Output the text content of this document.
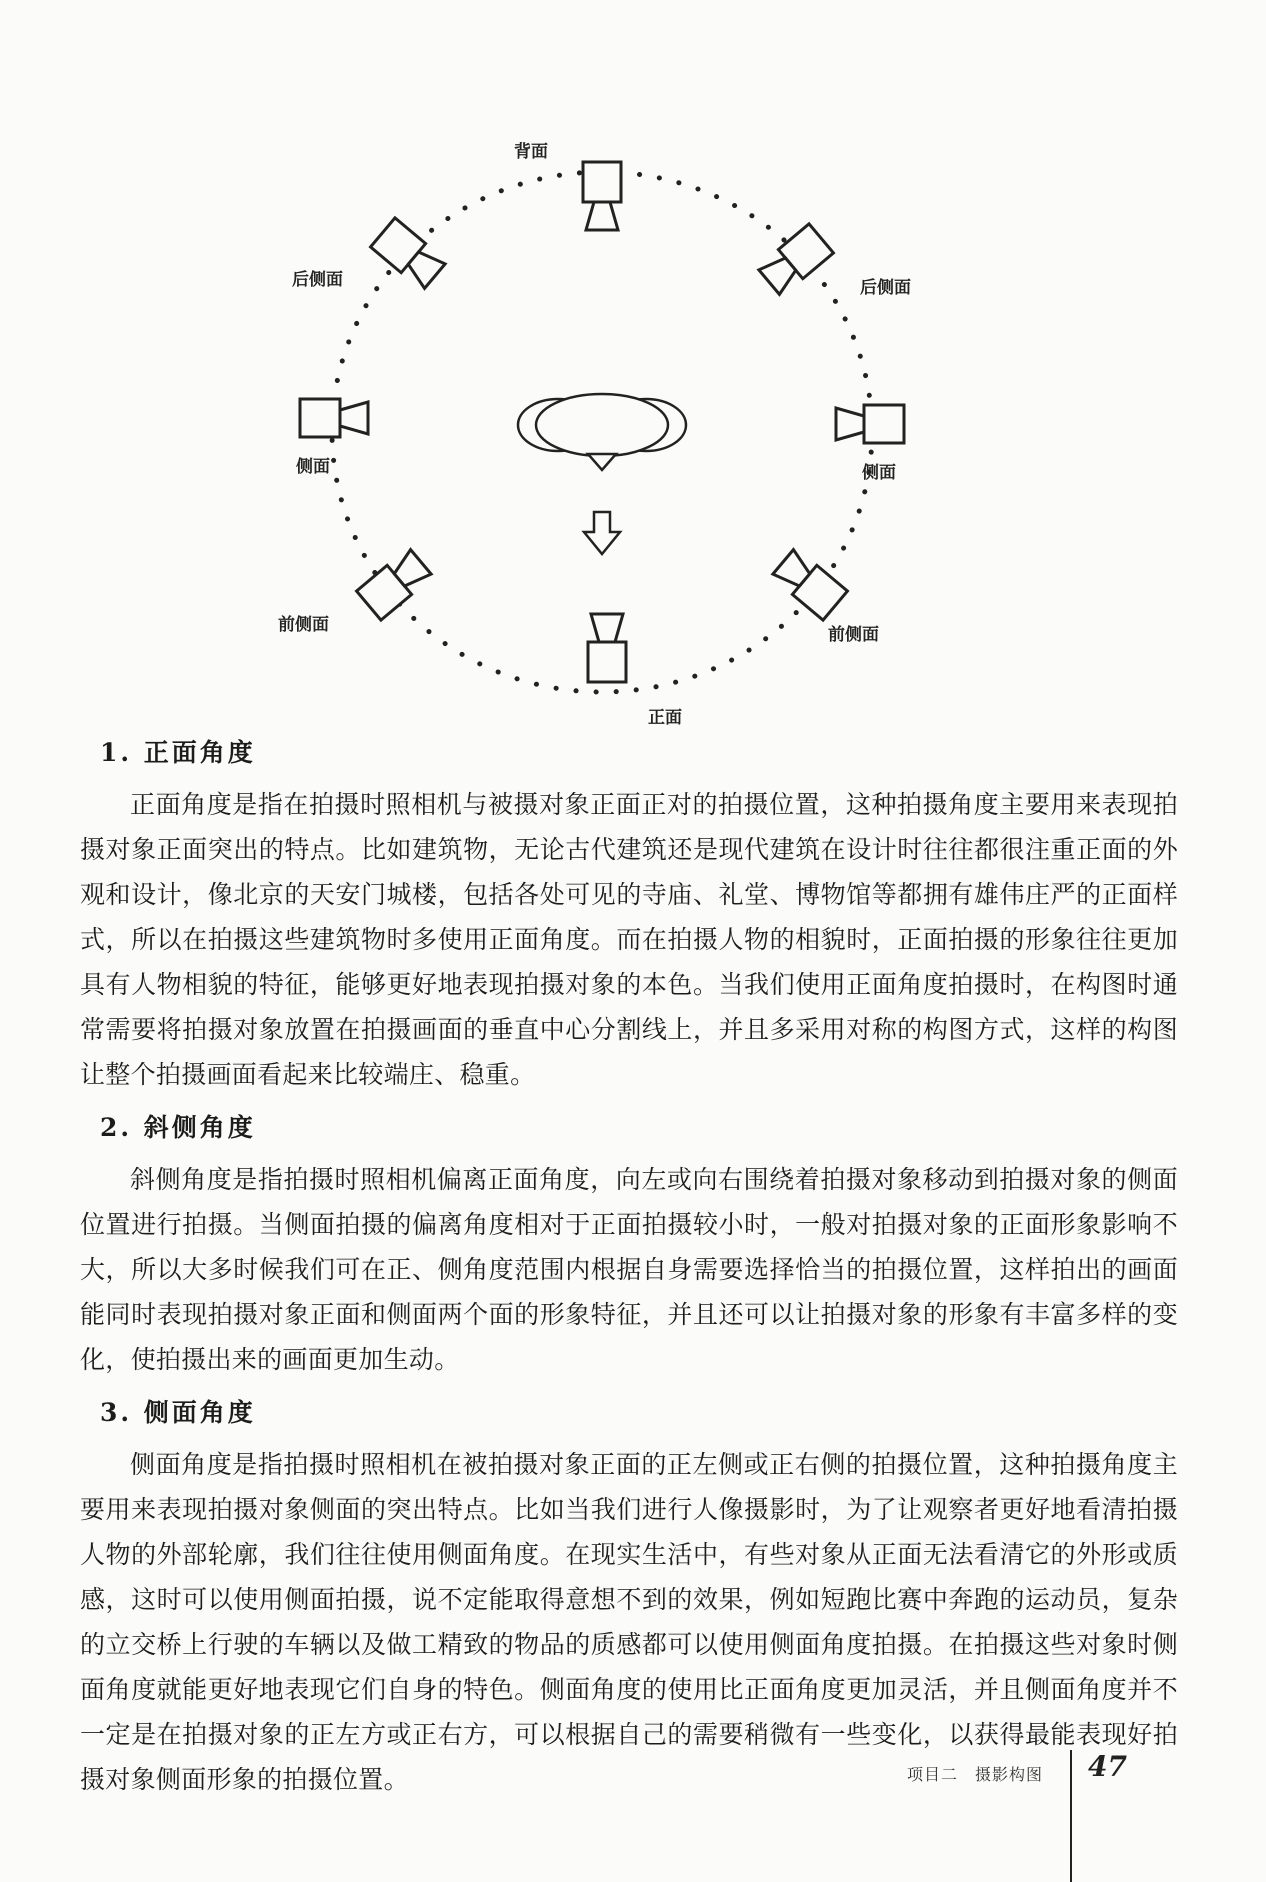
背面
后侧面	后侧面
侧面	侧面
前侧面	前侧面
正面
1. 正面角度

正面角度是指在拍摄时照相机与被摄对象正面正对的拍摄位置，这种拍摄角度主要用来表现拍摄对象正面突出的特点。比如建筑物，无论古代建筑还是现代建筑在设计时往往都很注重正面的外观和设计，像北京的天安门城楼，包括各处可见的寺庙、礼堂、博物馆等都拥有雄伟庄严的正面样式，所以在拍摄这些建筑物时多使用正面角度。而在拍摄人物的相貌时，正面拍摄的形象往往更加具有人物相貌的特征，能够更好地表现拍摄对象的本色。当我们使用正面角度拍摄时，在构图时通常需要将拍摄对象放置在拍摄画面的垂直中心分割线上，并且多采用对称的构图方式，这样的构图让整个拍摄画面看起来比较端庄、稳重。

2. 斜侧角度

斜侧角度是指拍摄时照相机偏离正面角度，向左或向右围绕着拍摄对象移动到拍摄对象的侧面位置进行拍摄。当侧面拍摄的偏离角度相对于正面拍摄较小时，一般对拍摄对象的正面形象影响不大，所以大多时候我们可在正、侧角度范围内根据自身需要选择恰当的拍摄位置，这样拍出的画面能同时表现拍摄对象正面和侧面两个面的形象特征，并且还可以让拍摄对象的形象有丰富多样的变化，使拍摄出来的画面更加生动。

3. 侧面角度

侧面角度是指拍摄时照相机在被拍摄对象正面的正左侧或正右侧的拍摄位置，这种拍摄角度主要用来表现拍摄对象侧面的突出特点。比如当我们进行人像摄影时，为了让观察者更好地看清拍摄人物的外部轮廓，我们往往使用侧面角度。在现实生活中，有些对象从正面无法看清它的外形或质感，这时可以使用侧面拍摄，说不定能取得意想不到的效果，例如短跑比赛中奔跑的运动员，复杂的立交桥上行驶的车辆以及做工精致的物品的质感都可以使用侧面角度拍摄。在拍摄这些对象时侧面角度就能更好地表现它们自身的特色。侧面角度的使用比正面角度更加灵活，并且侧面角度并不一定是在拍摄对象的正左方或正右方，可以根据自己的需要稍微有一些变化，以获得最能表现好拍摄对象侧面形象的拍摄位置。	项目二　摄影构图 47
